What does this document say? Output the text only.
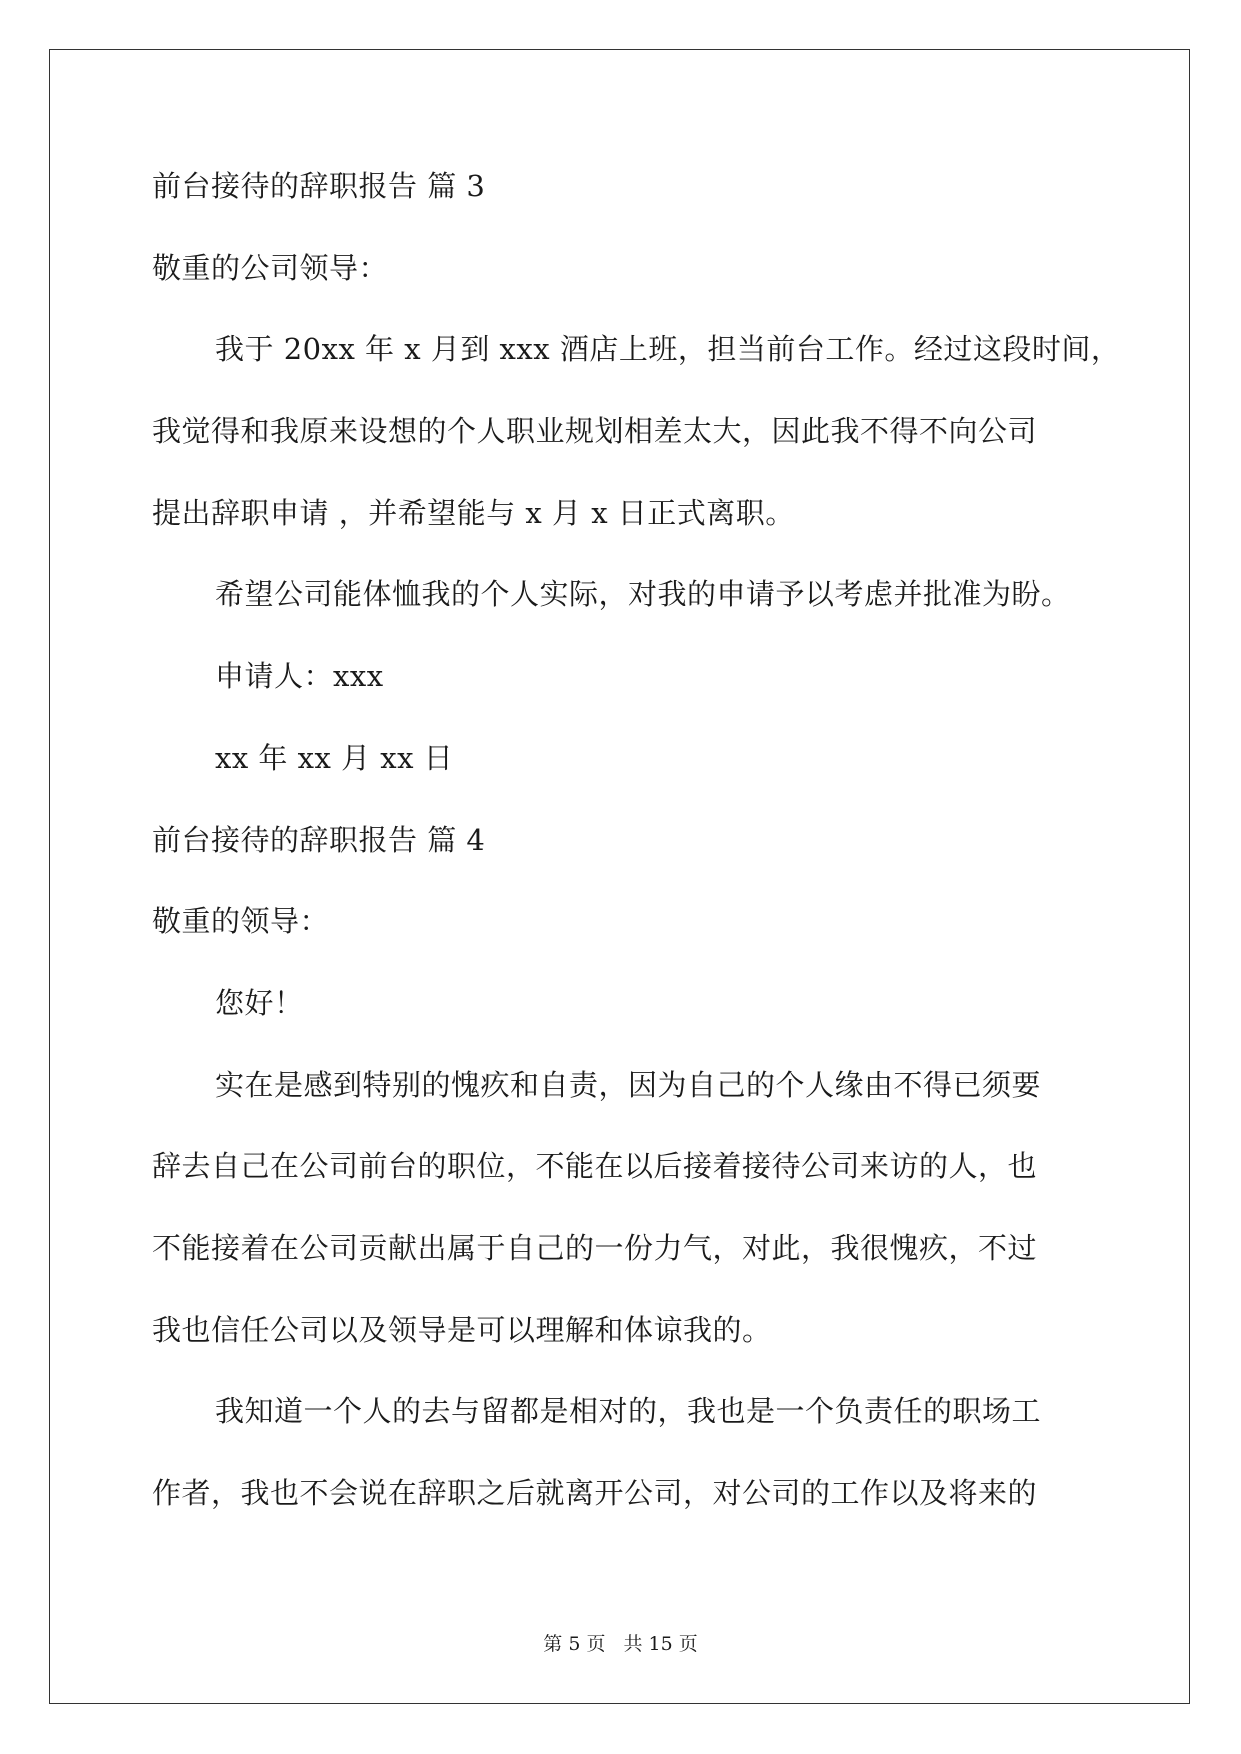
前台接待的辞职报告 篇 3
敬重的公司领导：
我于 20xx 年 x 月到 xxx 酒店上班，担当前台工作。经过这段时间，
我觉得和我原来设想的个人职业规划相差太大，因此我不得不向公司
提出辞职申请 ，并希望能与 x 月 x 日正式离职。
希望公司能体恤我的个人实际，对我的申请予以考虑并批准为盼。
申请人：xxx
xx 年 xx 月 xx 日
前台接待的辞职报告 篇 4
敬重的领导：
您好！
实在是感到特别的愧疚和自责，因为自己的个人缘由不得已须要
辞去自己在公司前台的职位，不能在以后接着接待公司来访的人，也
不能接着在公司贡献出属于自己的一份力气，对此，我很愧疚，不过
我也信任公司以及领导是可以理解和体谅我的。
我知道一个人的去与留都是相对的，我也是一个负责任的职场工
作者，我也不会说在辞职之后就离开公司，对公司的工作以及将来的
第 5 页 共 15 页
